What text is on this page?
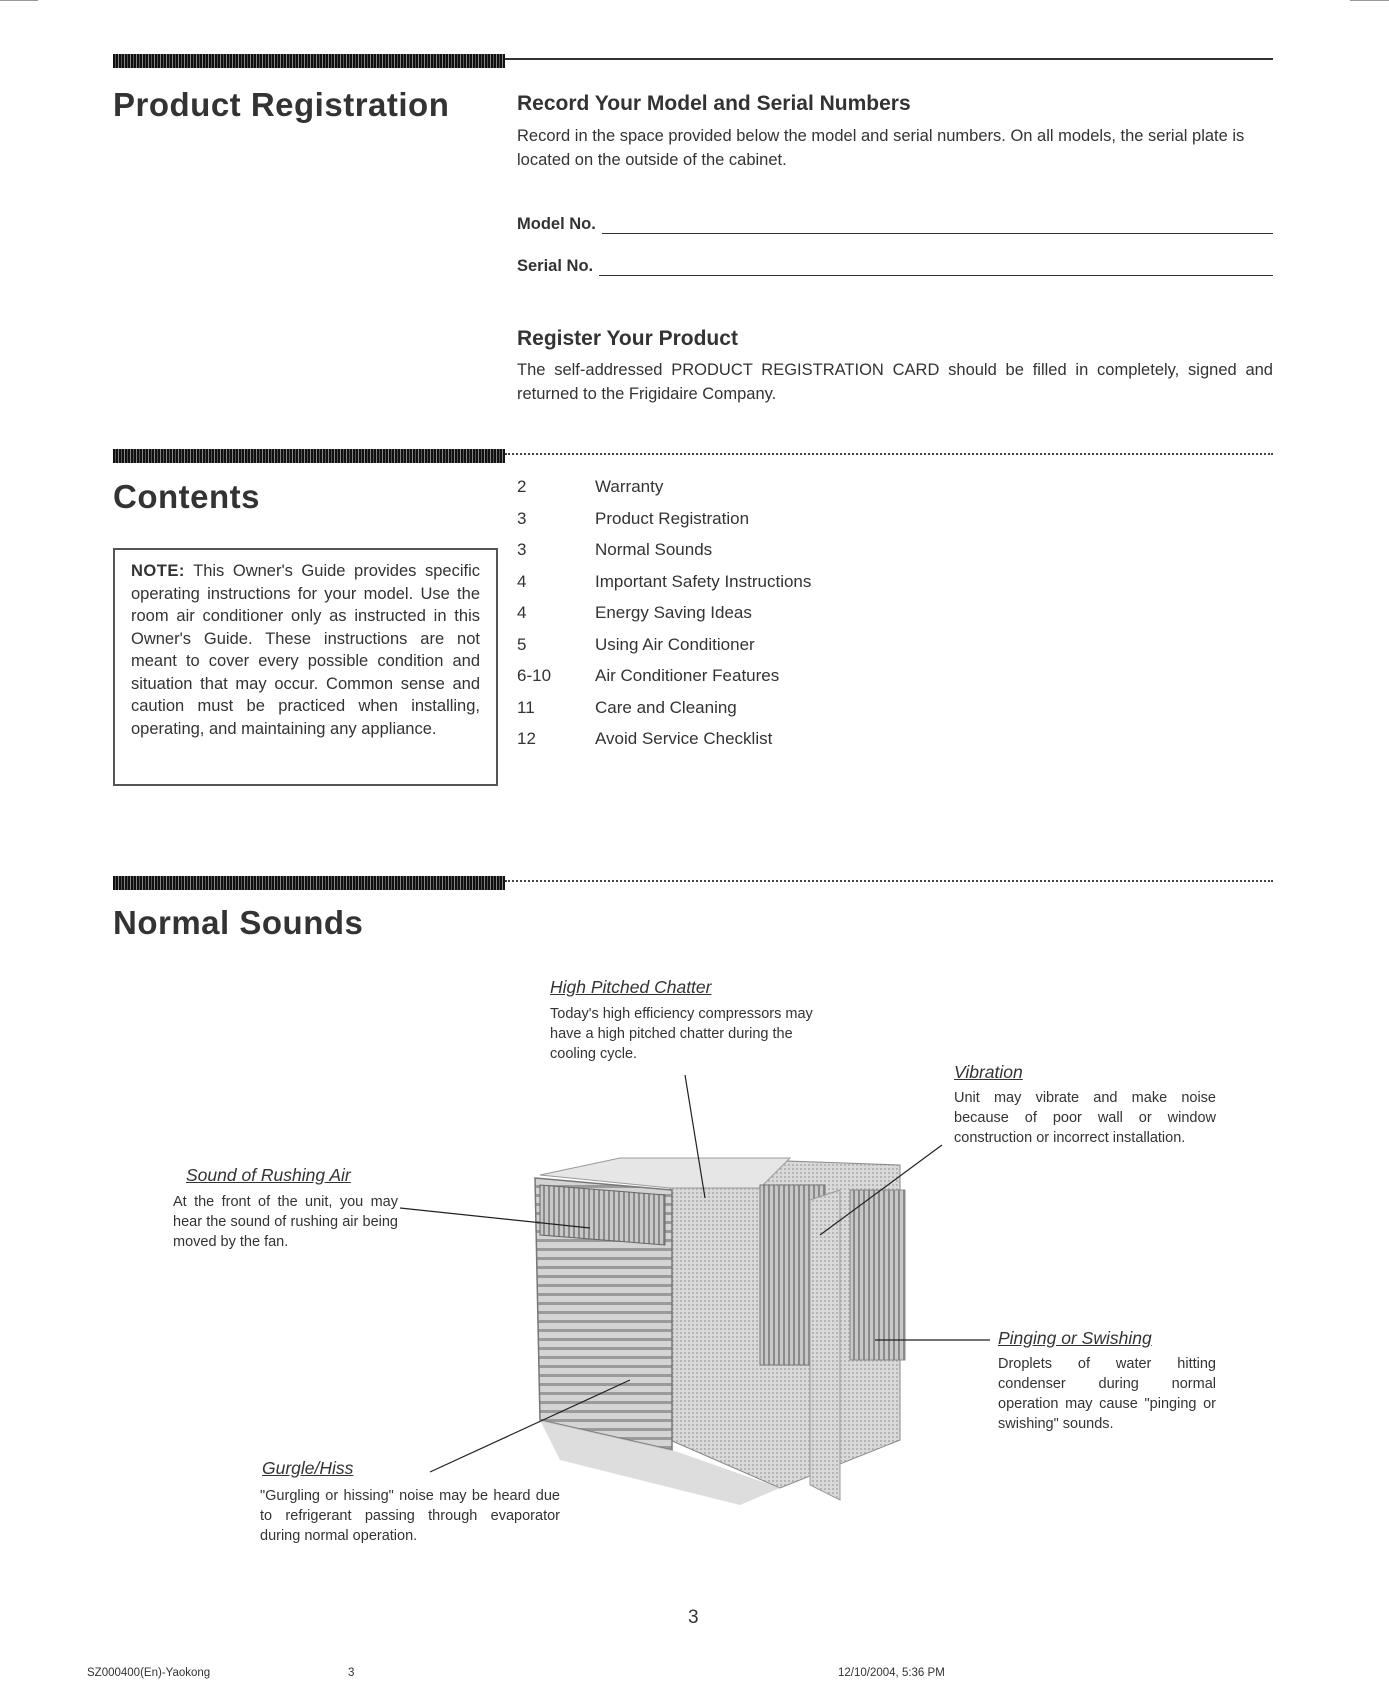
Product Registration	Record Your Model and Serial Numbers
Record in the space provided below the model and serial numbers. On all models, the serial plate is located on the outside of the cabinet.
Model No.
Serial No.
Register Your Product
The self-addressed PRODUCT REGISTRATION CARD should be filled in completely, signed and returned to the Frigidaire Company.
Contents
NOTE: This Owner's Guide provides specific operating instructions for your model. Use the room air conditioner only as instructed in this Owner's Guide. These instructions are not meant to cover every possible condition and situation that may occur. Common sense and caution must be practiced when installing, operating, and maintaining any appliance.
2	Warranty
3	Product Registration
3	Normal Sounds
4	Important Safety Instructions
4	Energy Saving Ideas
5	Using Air Conditioner
6-10	Air Conditioner Features
11	Care and Cleaning
12	Avoid Service Checklist
Normal Sounds
High Pitched Chatter
Today's high efficiency compressors may have a high pitched chatter during the cooling cycle.
Vibration
Unit may vibrate and make noise because of poor wall or window construction or incorrect installation.
Sound of Rushing Air
At the front of the unit, you may hear the sound of rushing air being moved by the fan.
Pinging or Swishing
Droplets of water hitting condenser during normal operation may cause "pinging or swishing" sounds.
Gurgle/Hiss
"Gurgling or hissing" noise may be heard due to refrigerant passing through evaporator during normal operation.
3
SZ000400(En)-Yaokong	3	12/10/2004, 5:36 PM
